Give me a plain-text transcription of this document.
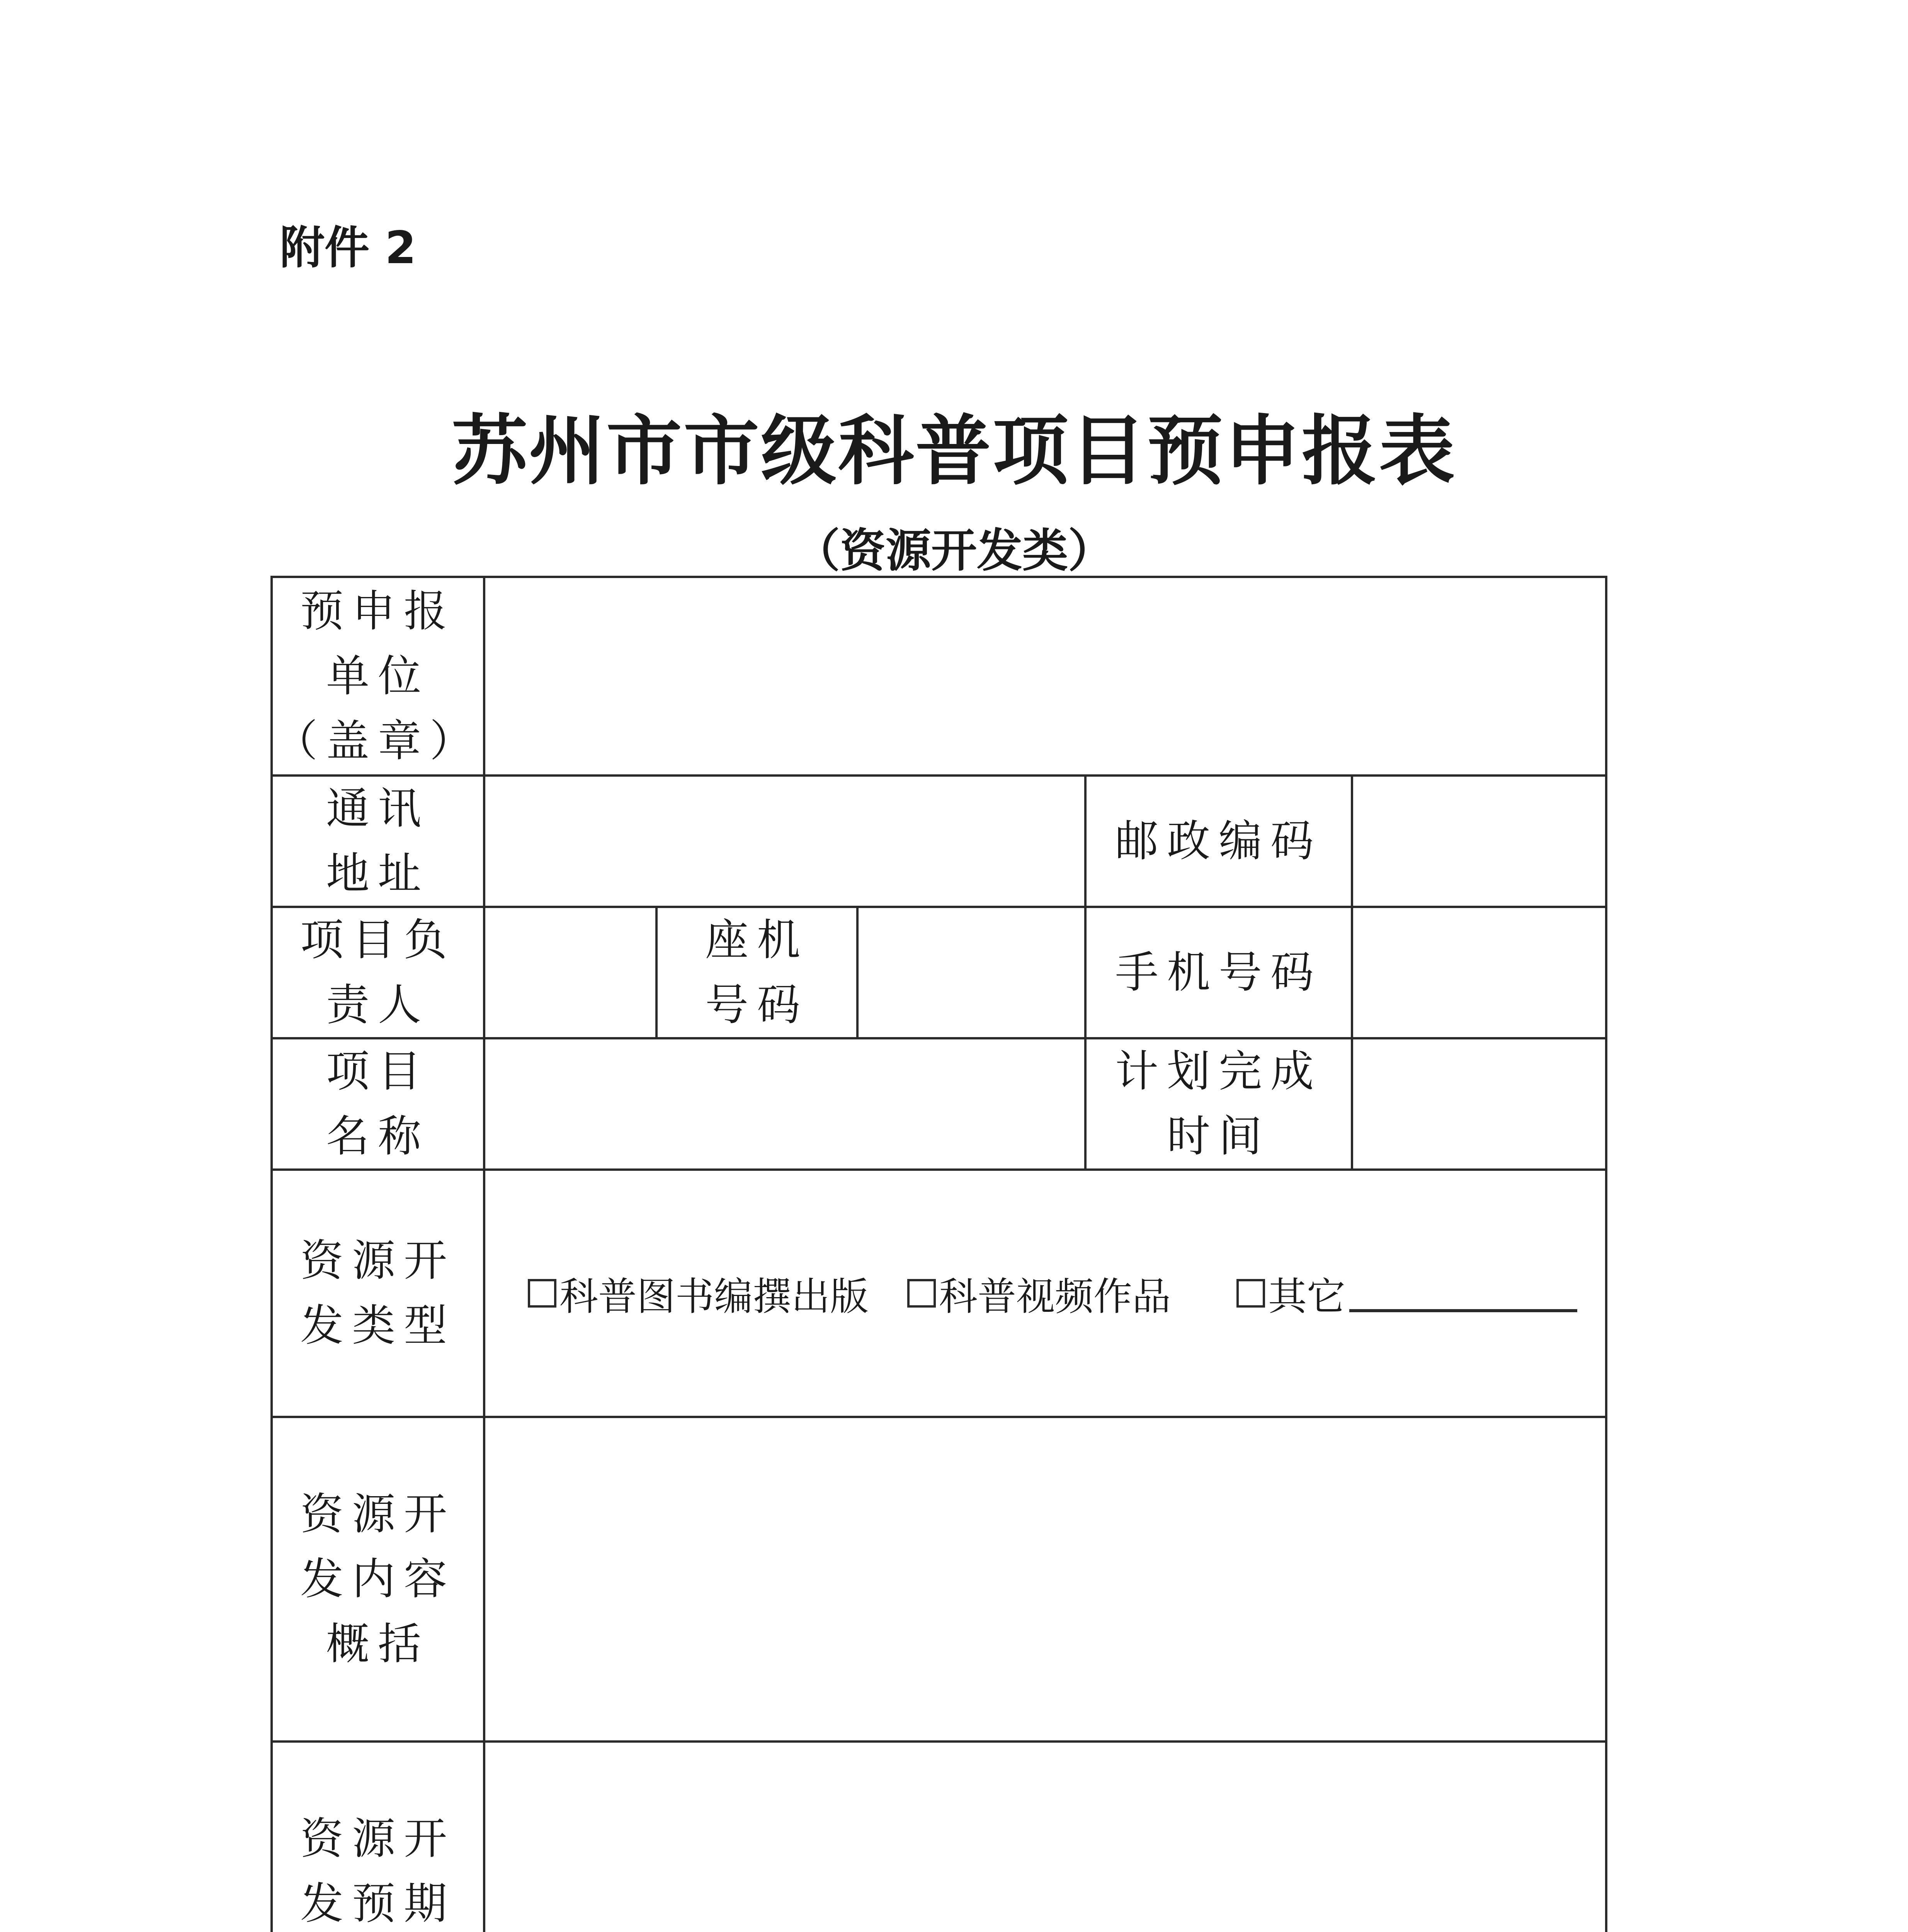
附件 2
苏州市市级科普项目预申报表
（资源开发类）
预申报
单位
（盖章）
通讯
地址
邮政编码
项目负
责人
座机
号码
手机号码
项目
名称
计划完成
时间
资源开
发类型
科普图书编撰出版 科普视频作品	其它
资源开
发内容
概括
资源开
发预期
